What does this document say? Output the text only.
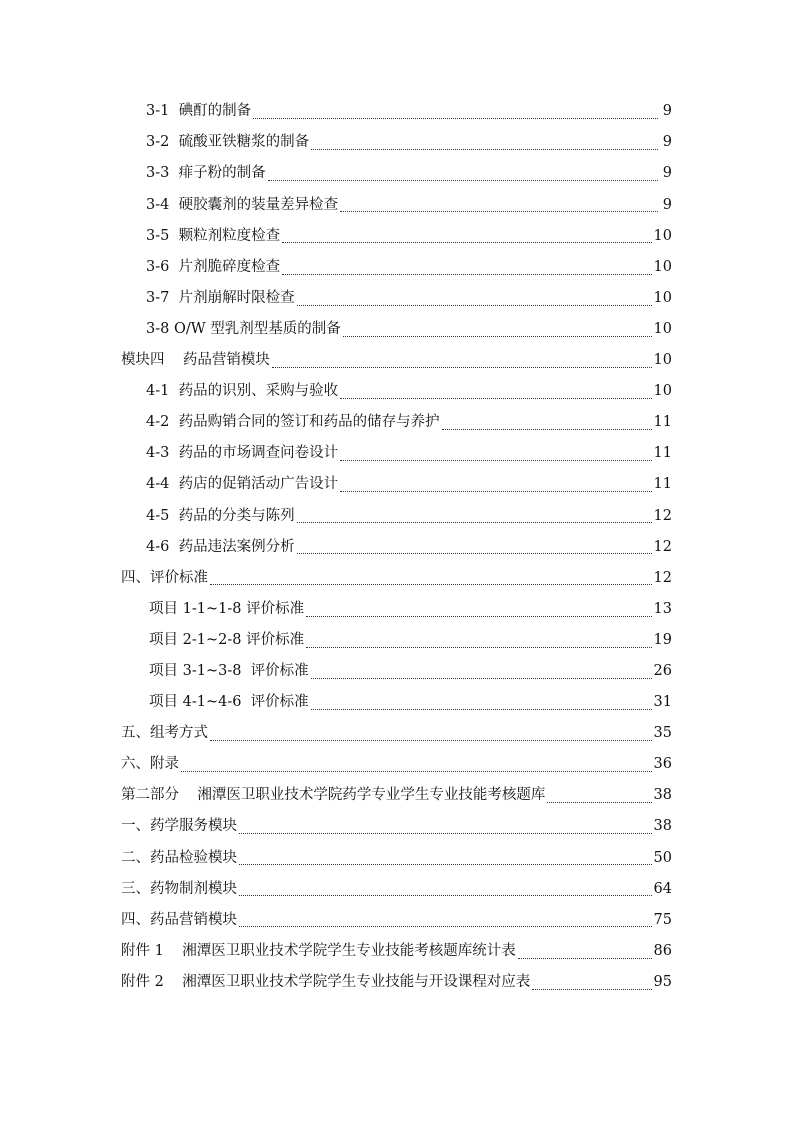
3-1  碘酊的制备	9
3-2  硫酸亚铁糖浆的制备	9
3-3  痱子粉的制备	9
3-4  硬胶囊剂的装量差异检查	9
3-5  颗粒剂粒度检查	10
3-6  片剂脆碎度检查	10
3-7  片剂崩解时限检查	10
3-8 O/W 型乳剂型基质的制备	10
模块四    药品营销模块	10
4-1  药品的识别、采购与验收	10
4-2  药品购销合同的签订和药品的储存与养护	11
4-3  药品的市场调查问卷设计	11
4-4  药店的促销活动广告设计	11
4-5  药品的分类与陈列	12
4-6  药品违法案例分析	12
四、评价标准	12
项目 1-1~1-8 评价标准	13
项目 2-1~2-8 评价标准	19
项目 3-1~3-8  评价标准	26
项目 4-1~4-6  评价标准	31
五、组考方式	35
六、附录	36
第二部分    湘潭医卫职业技术学院药学专业学生专业技能考核题库	38
一、药学服务模块	38
二、药品检验模块	50
三、药物制剂模块	64
四、药品营销模块	75
附件 1    湘潭医卫职业技术学院学生专业技能考核题库统计表	86
附件 2    湘潭医卫职业技术学院学生专业技能与开设课程对应表	95
